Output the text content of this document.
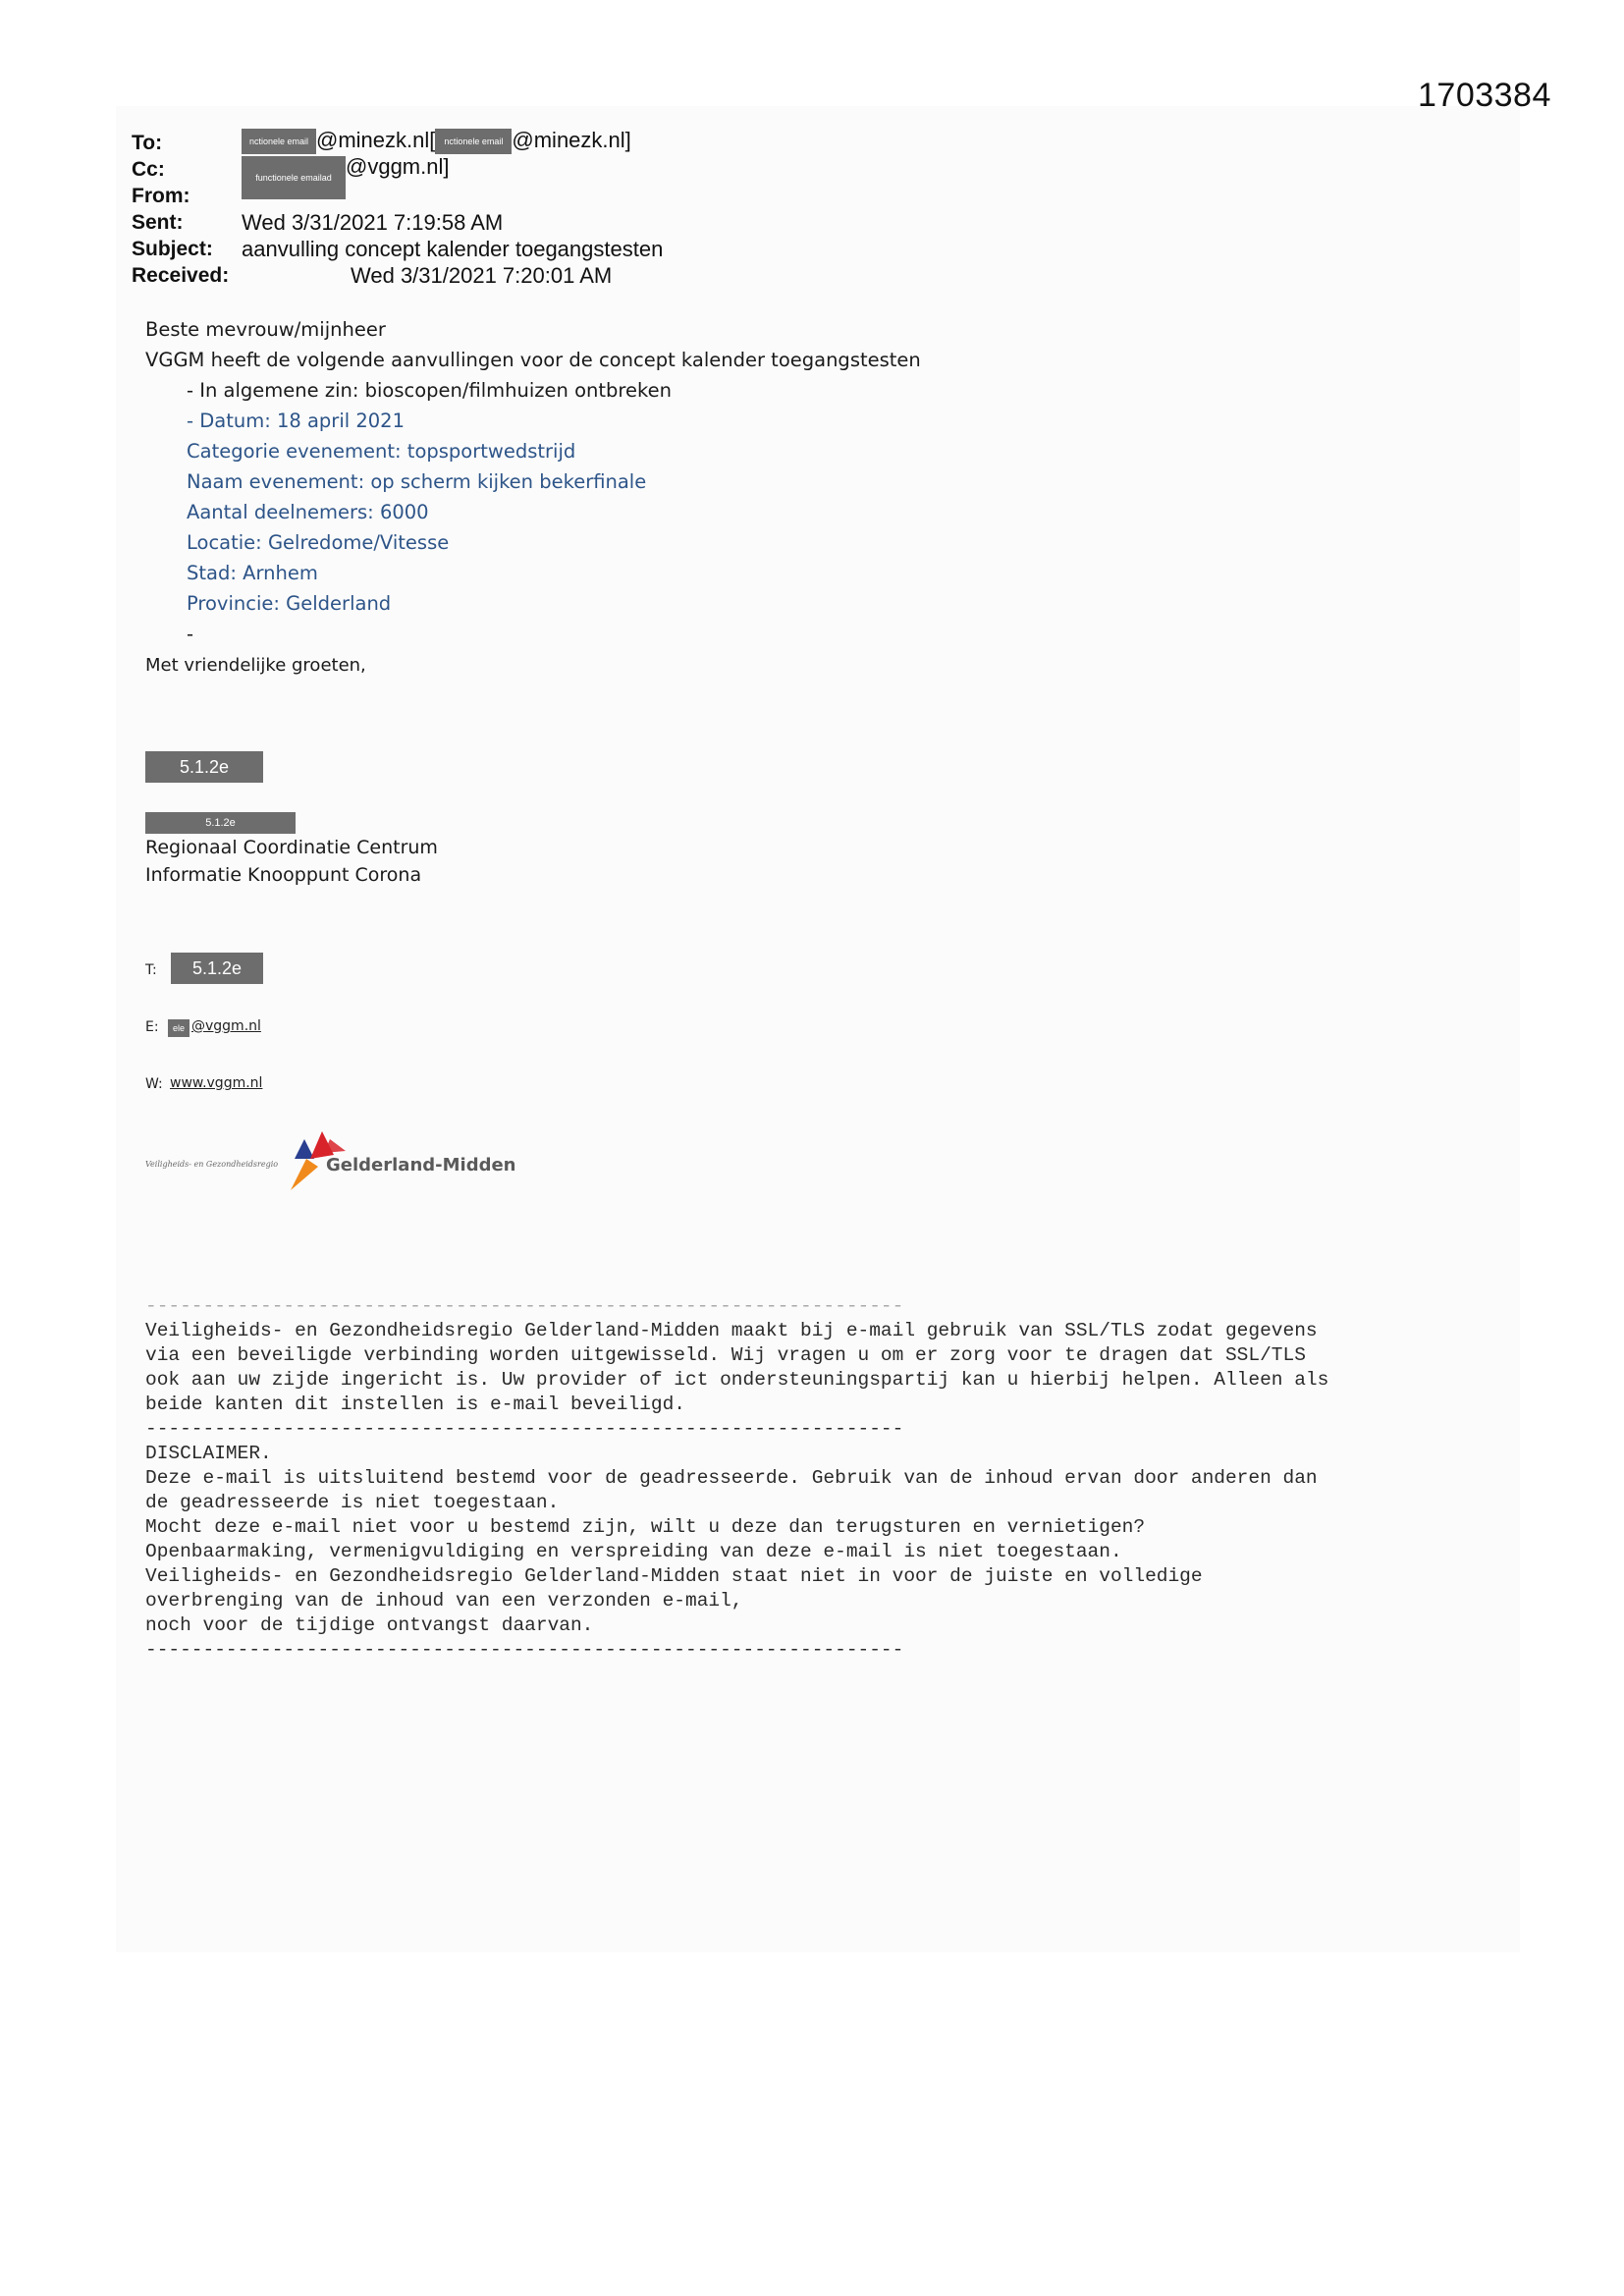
1703384
To:	nctionele email @minezk.nl[ nctionele email @minezk.nl]
Cc:	functionele emailad @vggm.nl]
From:
Sent:	Wed 3/31/2021 7:19:58 AM
Subject: aanvulling concept kalender toegangstesten
Received:	Wed 3/31/2021 7:20:01 AM
Beste mevrouw/mijnheer
VGGM heeft de volgende aanvullingen voor de concept kalender toegangstesten
- In algemene zin: bioscopen/filmhuizen ontbreken
- Datum: 18 april 2021
Categorie evenement: topsportwedstrijd
Naam evenement: op scherm kijken bekerfinale
Aantal deelnemers: 6000
Locatie: Gelredome/Vitesse
Stad: Arnhem
Provincie: Gelderland
-
Met vriendelijke groeten,
5.1.2e
5.1.2e
Regionaal Coordinatie Centrum
Informatie Knooppunt Corona
T:	5.1.2e
E:	ele @vggm.nl
W: www.vggm.nl
Veiligheids- en Gezondheidsregio	Gelderland-Midden
------------------------------------------------------------------
Veiligheids- en Gezondheidsregio Gelderland-Midden maakt bij e-mail gebruik van SSL/TLS zodat gegevens
via een beveiligde verbinding worden uitgewisseld. Wij vragen u om er zorg voor te dragen dat SSL/TLS
ook aan uw zijde ingericht is. Uw provider of ict ondersteuningspartij kan u hierbij helpen. Alleen als
beide kanten dit instellen is e-mail beveiligd.
------------------------------------------------------------------
DISCLAIMER.
Deze e-mail is uitsluitend bestemd voor de geadresseerde. Gebruik van de inhoud ervan door anderen dan
de geadresseerde is niet toegestaan.
Mocht deze e-mail niet voor u bestemd zijn, wilt u deze dan terugsturen en vernietigen?
Openbaarmaking, vermenigvuldiging en verspreiding van deze e-mail is niet toegestaan.
Veiligheids- en Gezondheidsregio Gelderland-Midden staat niet in voor de juiste en volledige
overbrenging van de inhoud van een verzonden e-mail,
noch voor de tijdige ontvangst daarvan.
------------------------------------------------------------------
